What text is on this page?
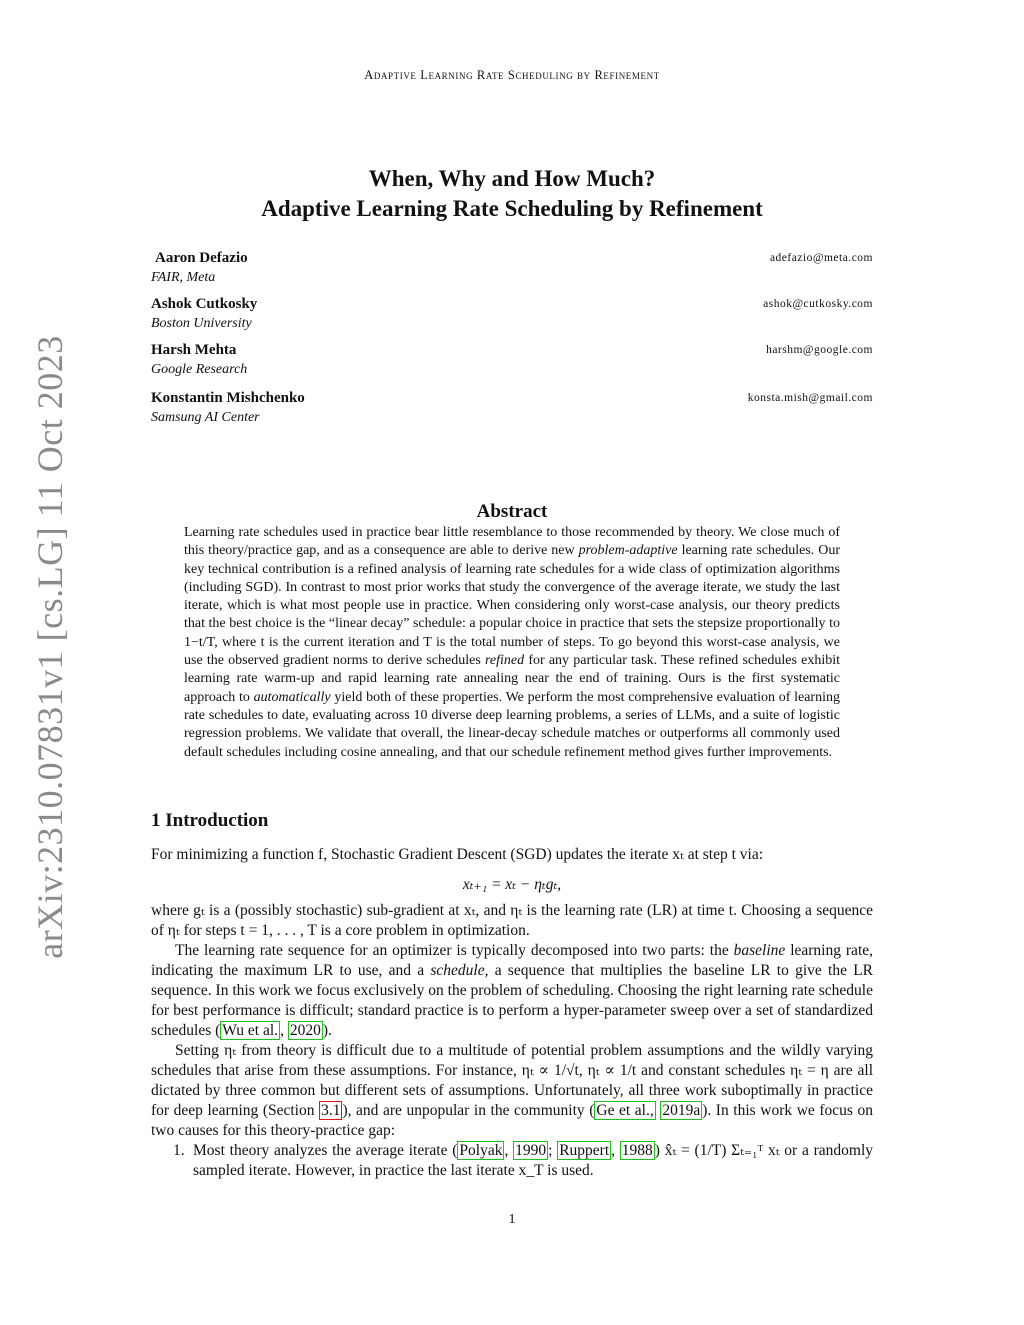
Adaptive Learning Rate Scheduling by Refinement
When, Why and How Much?
Adaptive Learning Rate Scheduling by Refinement
Aaron Defazio
FAIR, Meta
adefazio@meta.com
Ashok Cutkosky
Boston University
ashok@cutkosky.com
Harsh Mehta
Google Research
harshm@google.com
Konstantin Mishchenko
Samsung AI Center
konsta.mish@gmail.com
arXiv:2310.07831v1 [cs.LG] 11 Oct 2023	Abstract
Learning rate schedules used in practice bear little resemblance to those recommended by theory. We close much of this theory/practice gap, and as a consequence are able to derive new problem-adaptive learning rate schedules. Our key technical contribution is a refined analysis of learning rate schedules for a wide class of optimization algorithms (including SGD). In contrast to most prior works that study the convergence of the average iterate, we study the last iterate, which is what most people use in practice. When considering only worst-case analysis, our theory predicts that the best choice is the “linear decay” schedule: a popular choice in practice that sets the stepsize proportionally to 1−t/T, where t is the current iteration and T is the total number of steps. To go beyond this worst-case analysis, we use the observed gradient norms to derive schedules refined for any particular task. These refined schedules exhibit learning rate warm-up and rapid learning rate annealing near the end of training. Ours is the first systematic approach to automatically yield both of these properties. We perform the most comprehensive evaluation of learning rate schedules to date, evaluating across 10 diverse deep learning problems, a series of LLMs, and a suite of logistic regression problems. We validate that overall, the linear-decay schedule matches or outperforms all commonly used default schedules including cosine annealing, and that our schedule refinement method gives further improvements.
1 Introduction
For minimizing a function f, Stochastic Gradient Descent (SGD) updates the iterate xₜ at step t via:
xₜ₊₁ = xₜ − ηₜgₜ,
where gₜ is a (possibly stochastic) sub-gradient at xₜ, and ηₜ is the learning rate (LR) at time t. Choosing a sequence of ηₜ for steps t = 1, . . . , T is a core problem in optimization.
The learning rate sequence for an optimizer is typically decomposed into two parts: the baseline learning rate, indicating the maximum LR to use, and a schedule, a sequence that multiplies the baseline LR to give the LR sequence. In this work we focus exclusively on the problem of scheduling. Choosing the right learning rate schedule for best performance is difficult; standard practice is to perform a hyper-parameter sweep over a set of standardized schedules ( Wu et al. , 2020 ).
Setting ηₜ from theory is difficult due to a multitude of potential problem assumptions and the wildly varying schedules that arise from these assumptions. For instance, ηₜ ∝ 1/√t, ηₜ ∝ 1/t and constant schedules ηₜ = η are all dictated by three common but different sets of assumptions. Unfortunately, all three work suboptimally in practice for deep learning (Section 3.1 ), and are unpopular in the community ( Ge et al., 2019a ). In this work we focus on two causes for this theory-practice gap:
1. Most theory analyzes the average iterate ( Polyak , 1990 ; Ruppert , 1988 ) x̂ₜ = (1/T) Σₜ₌₁ᵀ xₜ or a randomly sampled iterate. However, in practice the last iterate x_T is used.
1
